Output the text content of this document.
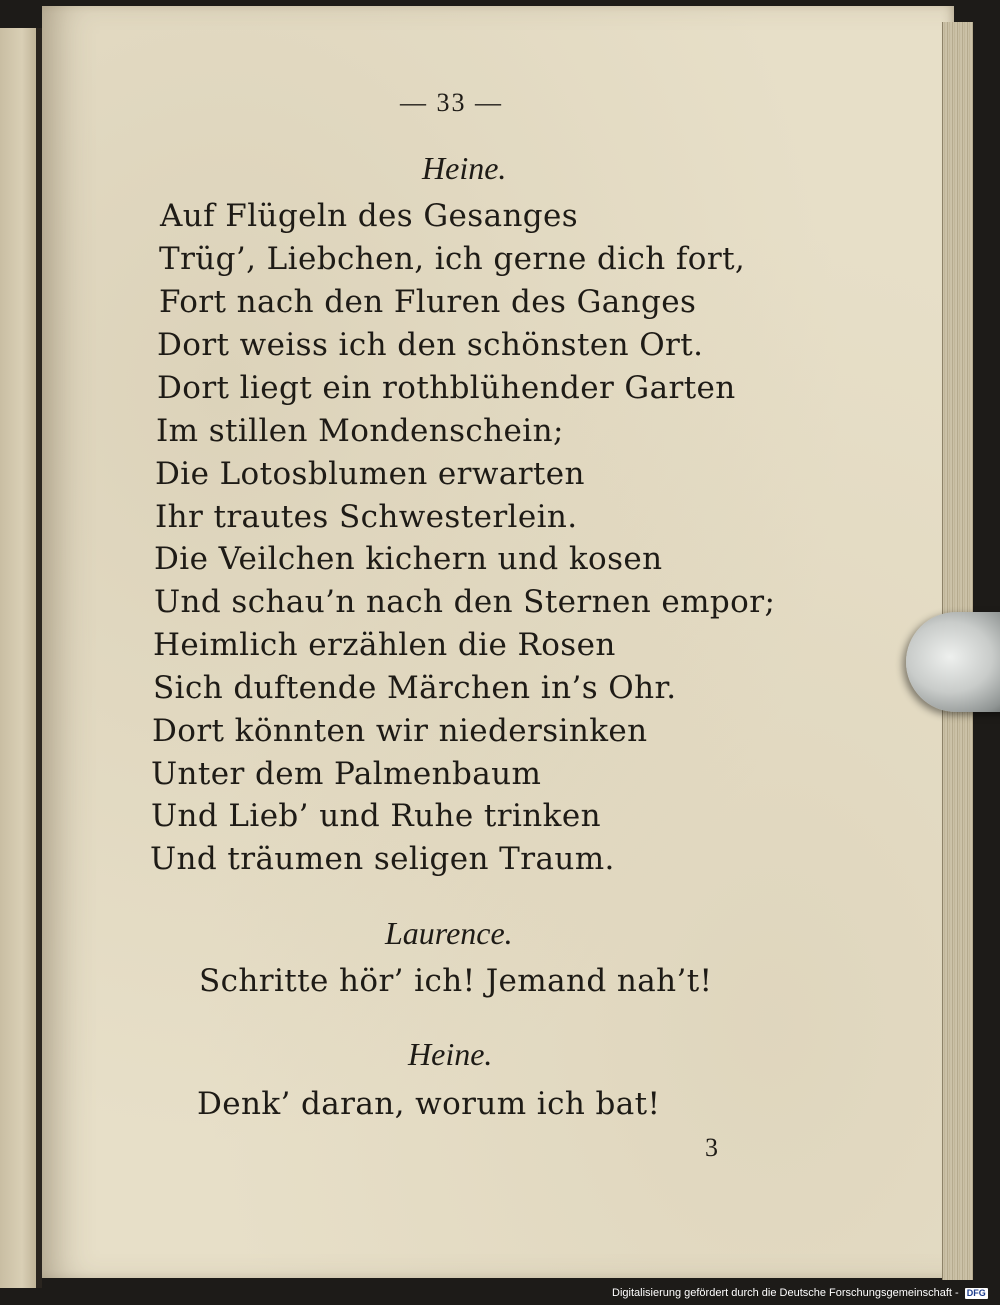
— 33 —
Heine.
Auf Flügeln des Gesanges
Trüg’, Liebchen, ich gerne dich fort,
Fort nach den Fluren des Ganges
Dort weiss ich den schönsten Ort.
Dort liegt ein rothblühender Garten
Im stillen Mondenschein;
Die Lotosblumen erwarten
Ihr trautes Schwesterlein.
Die Veilchen kichern und kosen
Und schau’n nach den Sternen empor;
Heimlich erzählen die Rosen
Sich duftende Märchen in’s Ohr.
Dort könnten wir niedersinken
Unter dem Palmenbaum
Und Lieb’ und Ruhe trinken
Und träumen seligen Traum.
Laurence.
Schritte hör’ ich! Jemand nah’t!
Heine.
Denk’ daran, worum ich bat!
3
Digitalisierung gefördert durch die Deutsche Forschungsgemeinschaft - DFG
